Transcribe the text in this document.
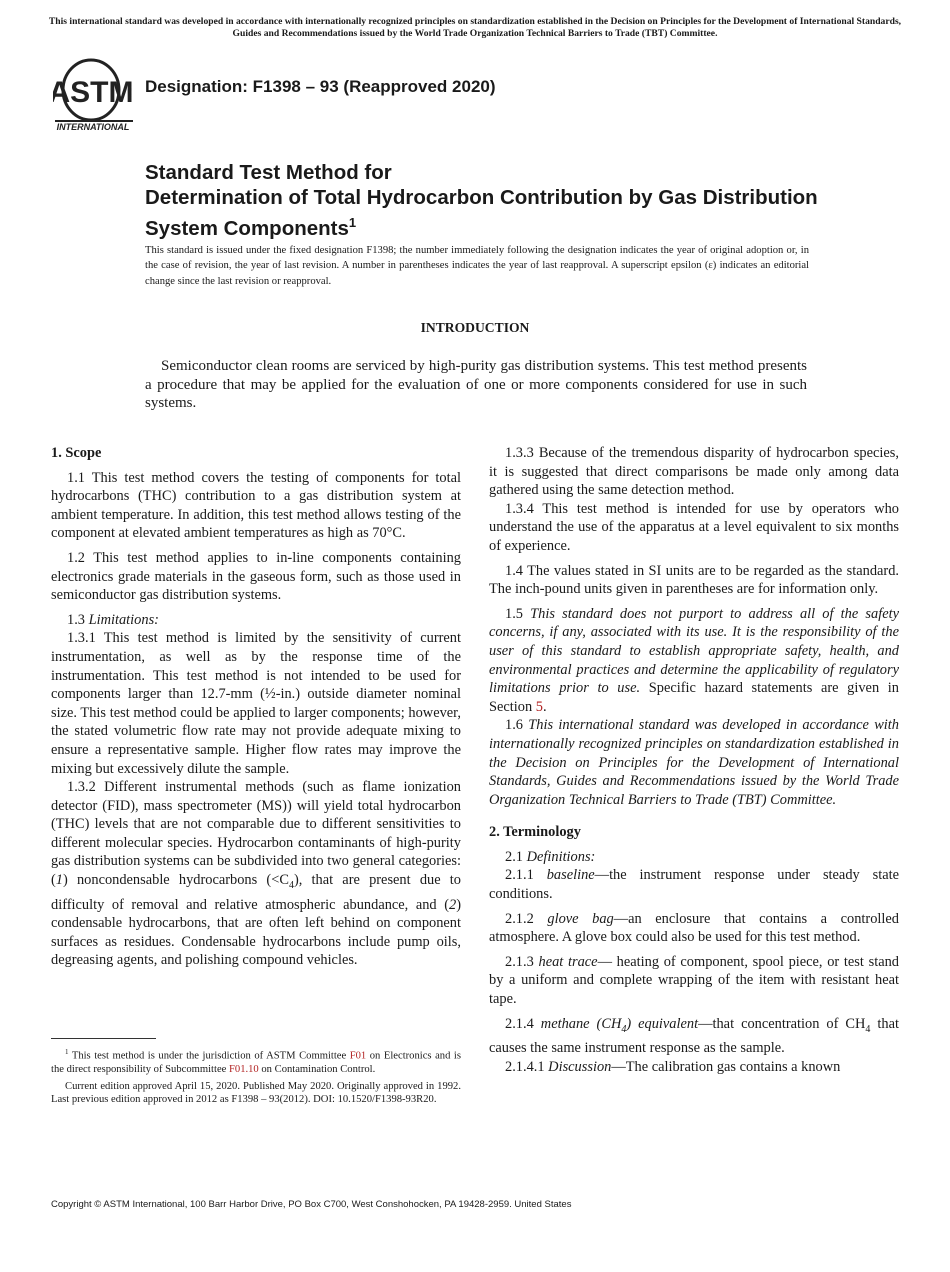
This international standard was developed in accordance with internationally recognized principles on standardization established in the Decision on Principles for the Development of International Standards, Guides and Recommendations issued by the World Trade Organization Technical Barriers to Trade (TBT) Committee.
ASTM
INTERNATIONAL
Designation: F1398 – 93 (Reapproved 2020)
Standard Test Method for
Determination of Total Hydrocarbon Contribution by Gas Distribution System Components$^1$
This standard is issued under the fixed designation F1398; the number immediately following the designation indicates the year of original adoption or, in the case of revision, the year of last revision. A number in parentheses indicates the year of last reapproval. A superscript epsilon (ε) indicates an editorial change since the last revision or reapproval.
INTRODUCTION
Semiconductor clean rooms are serviced by high-purity gas distribution systems. This test method presents a procedure that may be applied for the evaluation of one or more components considered for use in such systems.
1. Scope

1.1 This test method covers the testing of components for total hydrocarbons (THC) contribution to a gas distribution system at ambient temperature. In addition, this test method allows testing of the component at elevated ambient temperatures as high as 70°C.

1.2 This test method applies to in-line components containing electronics grade materials in the gaseous form, such as those used in semiconductor gas distribution systems.

1.3 Limitations:

1.3.1 This test method is limited by the sensitivity of current instrumentation, as well as by the response time of the instrumentation. This test method is not intended to be used for components larger than 12.7-mm (½-in.) outside diameter nominal size. This test method could be applied to larger components; however, the stated volumetric flow rate may not provide adequate mixing to ensure a representative sample. Higher flow rates may improve the mixing but excessively dilute the sample.

1.3.2 Different instrumental methods (such as flame ionization detector (FID), mass spectrometer (MS)) will yield total hydrocarbon (THC) levels that are not comparable due to different sensitivities to different molecular species. Hydrocarbon contaminants of high-purity gas distribution systems can be subdivided into two general categories: (1) noncondensable hydrocarbons $(<C_4)$, that are present due to difficulty of removal and relative atmospheric abundance, and (2) condensable hydrocarbons, that are often left behind on component surfaces as residues. Condensable hydrocarbons include pump oils, degreasing agents, and polishing compound vehicles.

$^1$ This test method is under the jurisdiction of ASTM Committee F01 on Electronics and is the direct responsibility of Subcommittee F01.10 on Contamination Control.

Current edition approved April 15, 2020. Published May 2020. Originally approved in 1992. Last previous edition approved in 2012 as F1398 – 93(2012). DOI: 10.1520/F1398-93R20.

1.3.3 Because of the tremendous disparity of hydrocarbon species, it is suggested that direct comparisons be made only among data gathered using the same detection method.

1.3.4 This test method is intended for use by operators who understand the use of the apparatus at a level equivalent to six months of experience.

1.4 The values stated in SI units are to be regarded as the standard. The inch-pound units given in parentheses are for information only.

1.5 This standard does not purport to address all of the safety concerns, if any, associated with its use. It is the responsibility of the user of this standard to establish appropriate safety, health, and environmental practices and determine the applicability of regulatory limitations prior to use. Specific hazard statements are given in Section 5.

1.6 This international standard was developed in accordance with internationally recognized principles on standardization established in the Decision on Principles for the Development of International Standards, Guides and Recommendations issued by the World Trade Organization Technical Barriers to Trade (TBT) Committee.

2. Terminology

2.1 Definitions:

2.1.1 baseline—the instrument response under steady state conditions.

2.1.2 glove bag—an enclosure that contains a controlled atmosphere. A glove box could also be used for this test method.

2.1.3 heat trace— heating of component, spool piece, or test stand by a uniform and complete wrapping of the item with resistant heat tape.

2.1.4 methane $(CH_4)$ equivalent—that concentration of $CH_4$ that causes the same instrument response as the sample.

2.1.4.1 Discussion—The calibration gas contains a known

Copyright © ASTM International, 100 Barr Harbor Drive, PO Box C700, West Conshohocken, PA 19428-2959. United States
